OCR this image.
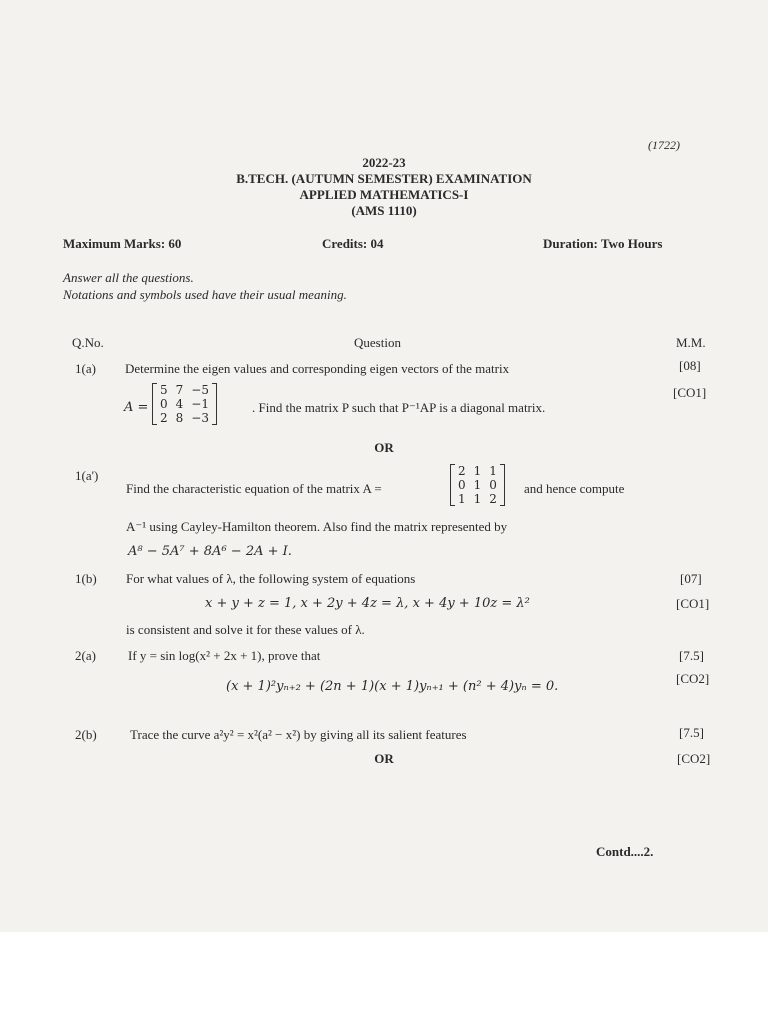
(1722)
2022-23
B.TECH. (AUTUMN SEMESTER) EXAMINATION
APPLIED MATHEMATICS-I
(AMS 1110)
Maximum Marks: 60	Credits: 04	Duration: Two Hours
Answer all the questions.
Notations and symbols used have their usual meaning.
Q.No.	Question	M.M.
1(a) Determine the eigen values and corresponding eigen vectors of the matrix	[08]
[CO1]
A =
5	7	−5
0	4	−1
2	8	−3
. Find the matrix P such that P⁻¹AP is a diagonal matrix.
OR
1(a')
Find the characteristic equation of the matrix A =
2	1	1
0	1	0
1	1	2
and hence compute
A⁻¹ using Cayley-Hamilton theorem. Also find the matrix represented by
A⁸ − 5A⁷ + 8A⁶ − 2A + I.
1(b) For what values of λ, the following system of equations	[07]
x + y + z = 1, x + 2y + 4z = λ, x + 4y + 10z = λ²	[CO1]
is consistent and solve it for these values of λ.
2(a) If y = sin log(x² + 2x + 1), prove that	[7.5]
(x + 1)²yₙ₊₂ + (2n + 1)(x + 1)yₙ₊₁ + (n² + 4)yₙ = 0.
[CO2]
2(b)	Trace the curve a²y² = x²(a² − x²) by giving all its salient features	[7.5]
OR	[CO2]
Contd....2.
